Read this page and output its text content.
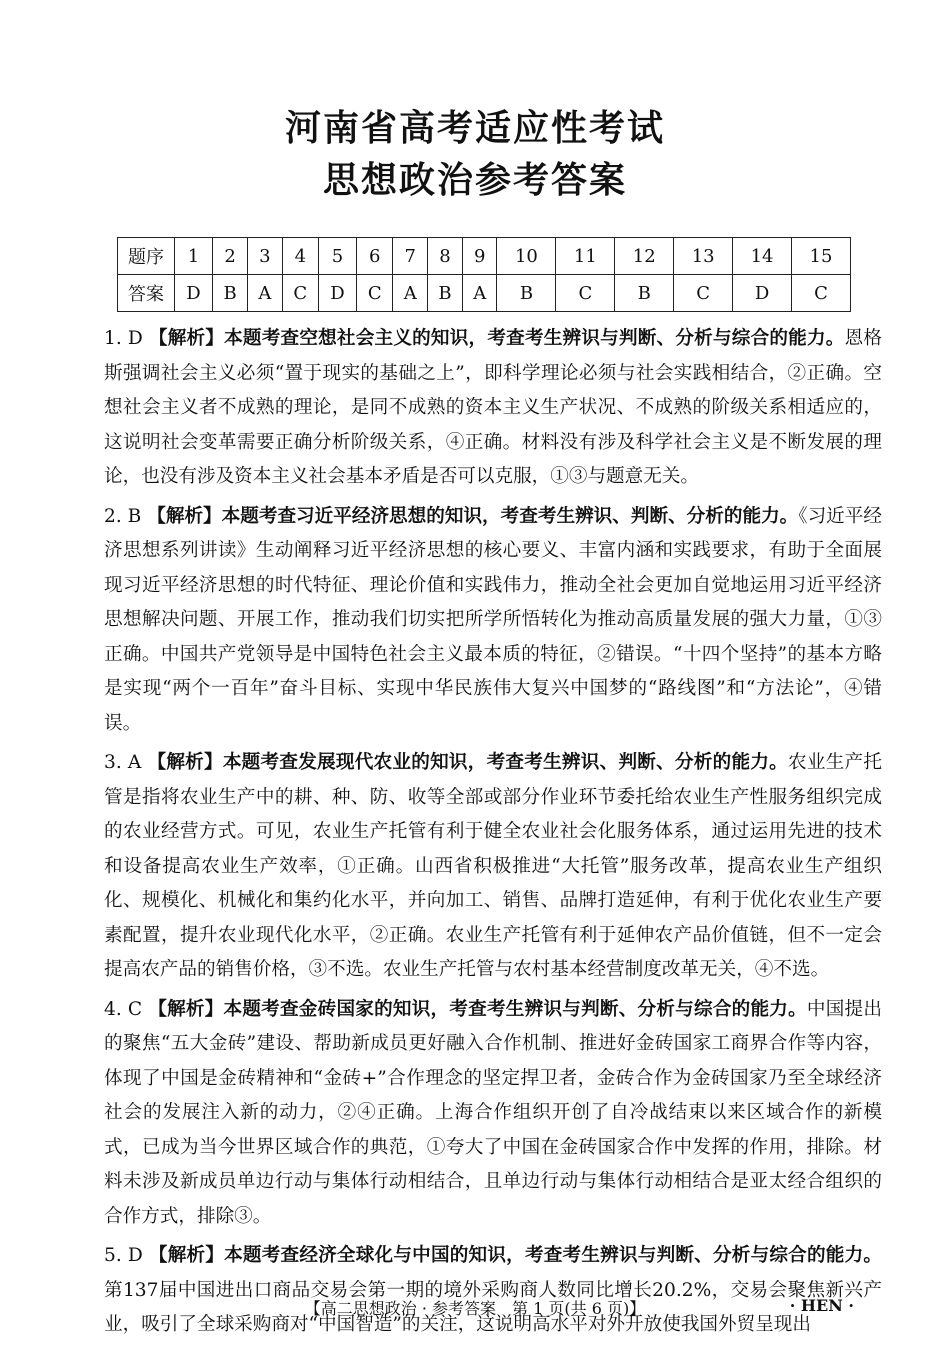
河南省高考适应性考试
思想政治参考答案
题序	1	2	3	4	5	6	7	8	9	10	11	12	13	14	15
答案	D	B	A	C	D	C	A	B	A	B	C	B	C	D	C
1. D 【解析】本题考查空想社会主义的知识，考查考生辨识与判断、分析与综合的能力。恩格斯强调社会主义必须“置于现实的基础之上”，即科学理论必须与社会实践相结合，②正确。空想社会主义者不成熟的理论，是同不成熟的资本主义生产状况、不成熟的阶级关系相适应的，这说明社会变革需要正确分析阶级关系，④正确。材料没有涉及科学社会主义是不断发展的理论，也没有涉及资本主义社会基本矛盾是否可以克服，①③与题意无关。
2. B 【解析】本题考查习近平经济思想的知识，考查考生辨识、判断、分析的能力。《习近平经济思想系列讲读》生动阐释习近平经济思想的核心要义、丰富内涵和实践要求，有助于全面展现习近平经济思想的时代特征、理论价值和实践伟力，推动全社会更加自觉地运用习近平经济思想解决问题、开展工作，推动我们切实把所学所悟转化为推动高质量发展的强大力量，①③正确。中国共产党领导是中国特色社会主义最本质的特征，②错误。“十四个坚持”的基本方略是实现“两个一百年”奋斗目标、实现中华民族伟大复兴中国梦的“路线图”和“方法论”，④错误。
3. A 【解析】本题考查发展现代农业的知识，考查考生辨识、判断、分析的能力。农业生产托管是指将农业生产中的耕、种、防、收等全部或部分作业环节委托给农业生产性服务组织完成的农业经营方式。可见，农业生产托管有利于健全农业社会化服务体系，通过运用先进的技术和设备提高农业生产效率，①正确。山西省积极推进“大托管”服务改革，提高农业生产组织化、规模化、机械化和集约化水平，并向加工、销售、品牌打造延伸，有利于优化农业生产要素配置，提升农业现代化水平，②正确。农业生产托管有利于延伸农产品价值链，但不一定会提高农产品的销售价格，③不选。农业生产托管与农村基本经营制度改革无关，④不选。
4. C 【解析】本题考查金砖国家的知识，考查考生辨识与判断、分析与综合的能力。中国提出的聚焦“五大金砖”建设、帮助新成员更好融入合作机制、推进好金砖国家工商界合作等内容，体现了中国是金砖精神和“金砖+”合作理念的坚定捍卫者，金砖合作为金砖国家乃至全球经济社会的发展注入新的动力，②④正确。上海合作组织开创了自冷战结束以来区域合作的新模式，已成为当今世界区域合作的典范，①夸大了中国在金砖国家合作中发挥的作用，排除。材料未涉及新成员单边行动与集体行动相结合，且单边行动与集体行动相结合是亚太经合组织的合作方式，排除③。
5. D 【解析】本题考查经济全球化与中国的知识，考查考生辨识与判断、分析与综合的能力。第137届中国进出口商品交易会第一期的境外采购商人数同比增长20.2%，交易会聚焦新兴产业，吸引了全球采购商对“中国智造”的关注，这说明高水平对外开放使我国外贸呈现出
【高二思想政治 · 参考答案　第 1 页(共 6 页)】	· HEN ·
